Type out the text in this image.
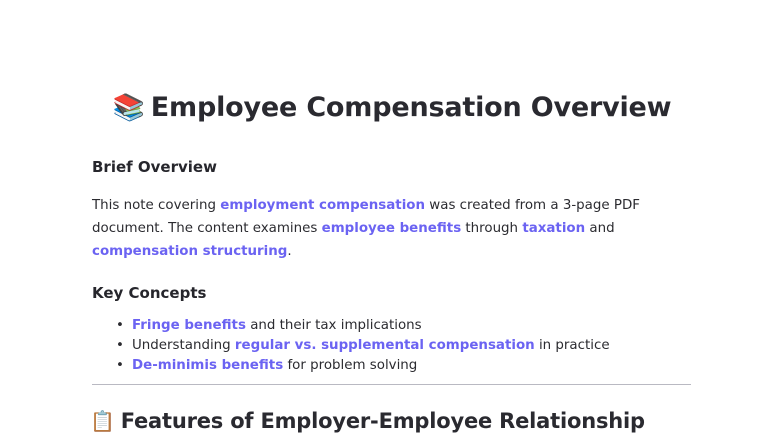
📚 Employee Compensation Overview
Brief Overview

This note covering employment compensation was created from a 3-page PDF document. The content examines employee benefits through taxation and compensation structuring.

Key Concepts
• Fringe benefits and their tax implications
• Understanding regular vs. supplemental compensation in practice
• De-minimis benefits for problem solving
📋 Features of Employer-Employee Relationship
